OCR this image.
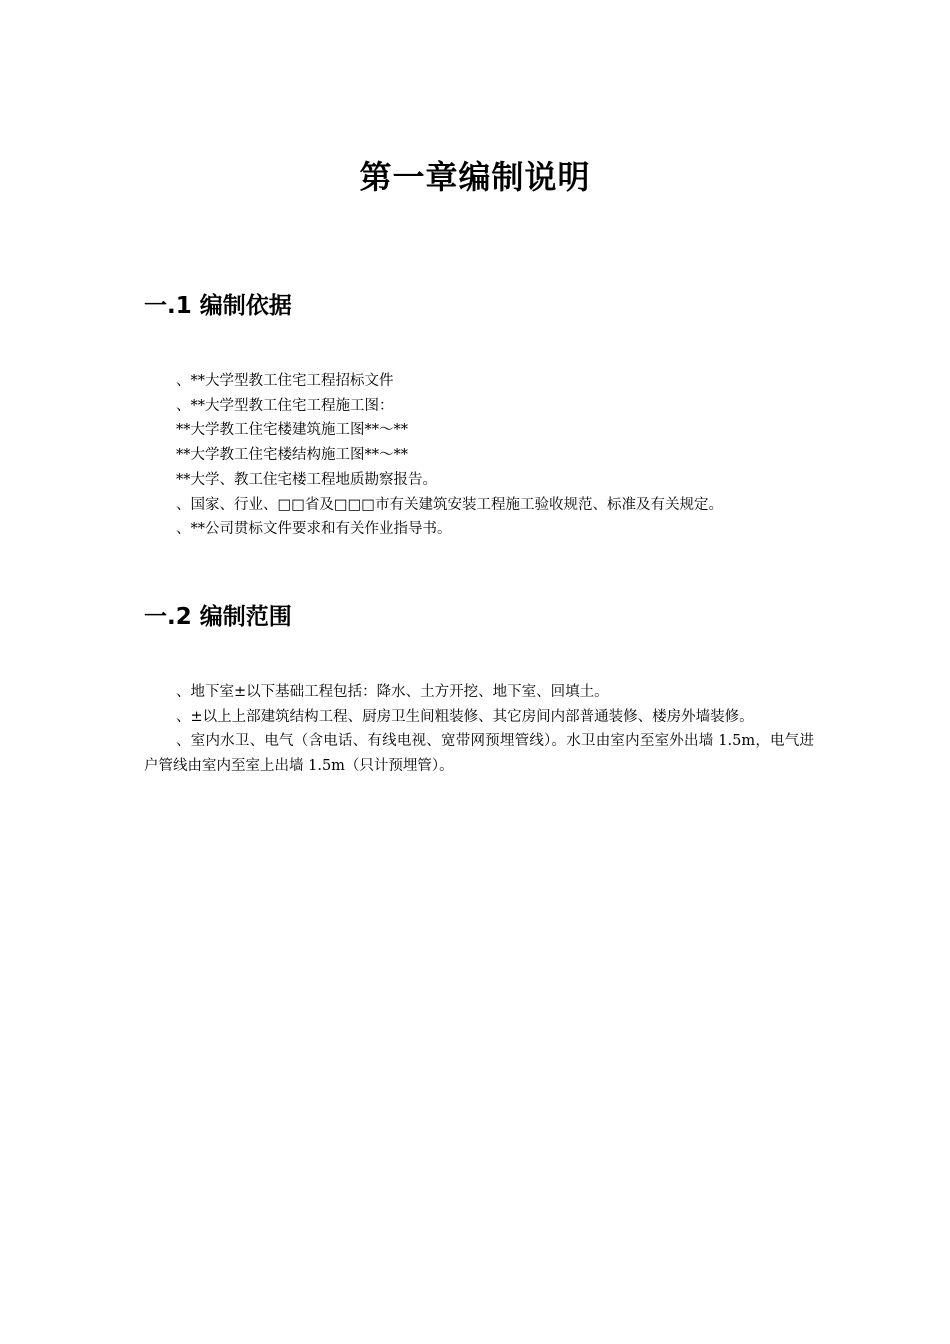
第一章编制说明
一.1 编制依据
、**大学型教工住宅工程招标文件
、**大学型教工住宅工程施工图：
**大学教工住宅楼建筑施工图**～**
**大学教工住宅楼结构施工图**～**
**大学、教工住宅楼工程地质勘察报告。
、国家、行业、□□省及□□□市有关建筑安装工程施工验收规范、标准及有关规定。
、**公司贯标文件要求和有关作业指导书。
一.2 编制范围
、地下室±以下基础工程包括：降水、土方开挖、地下室、回填土。
、±以上上部建筑结构工程、厨房卫生间粗装修、其它房间内部普通装修、楼房外墙装修。
、室内水卫、电气（含电话、有线电视、宽带网预埋管线）。水卫由室内至室外出墙 1.5m，电气进户管线由室内至室上出墙 1.5m（只计预埋管）。
